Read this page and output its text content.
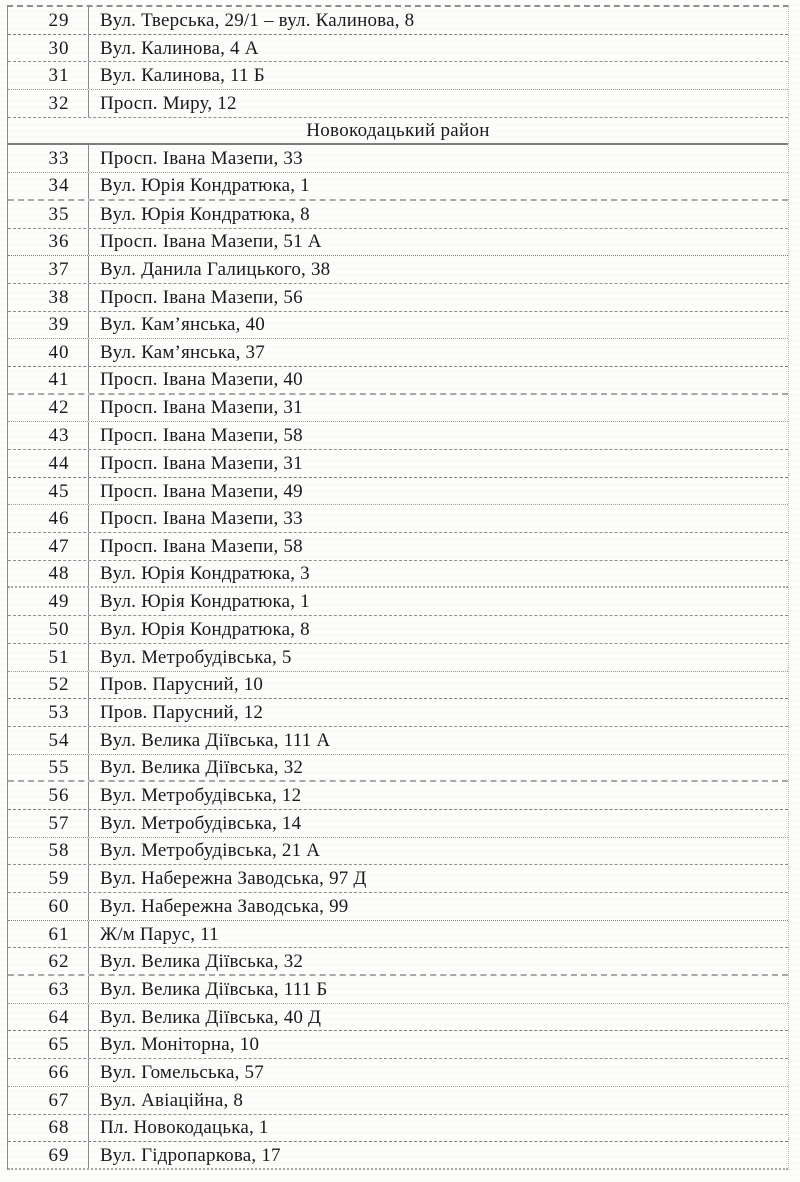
29	Вул. Тверська, 29/1 – вул. Калинова, 8
30	Вул. Калинова, 4 А
31	Вул. Калинова, 11 Б
32	Просп. Миру, 12
Новокодацький район
33	Просп. Івана Мазепи, 33
34	Вул. Юрія Кондратюка, 1
35	Вул. Юрія Кондратюка, 8
36	Просп. Івана Мазепи, 51 А
37	Вул. Данила Галицького, 38
38	Просп. Івана Мазепи, 56
39	Вул. Кам’янська, 40
40	Вул. Кам’янська, 37
41	Просп. Івана Мазепи, 40
42	Просп. Івана Мазепи, 31
43	Просп. Івана Мазепи, 58
44	Просп. Івана Мазепи, 31
45	Просп. Івана Мазепи, 49
46	Просп. Івана Мазепи, 33
47	Просп. Івана Мазепи, 58
48	Вул. Юрія Кондратюка, 3
49	Вул. Юрія Кондратюка, 1
50	Вул. Юрія Кондратюка, 8
51	Вул. Метробудівська, 5
52	Пров. Парусний, 10
53	Пров. Парусний, 12
54	Вул. Велика Діївська, 111 А
55	Вул. Велика Діївська, 32
56	Вул. Метробудівська, 12
57	Вул. Метробудівська, 14
58	Вул. Метробудівська, 21 А
59	Вул. Набережна Заводська, 97 Д
60	Вул. Набережна Заводська, 99
61	Ж/м Парус, 11
62	Вул. Велика Діївська, 32
63	Вул. Велика Діївська, 111 Б
64	Вул. Велика Діївська, 40 Д
65	Вул. Моніторна, 10
66	Вул. Гомельська, 57
67	Вул. Авіаційна, 8
68	Пл. Новокодацька, 1
69	Вул. Гідропаркова, 17
